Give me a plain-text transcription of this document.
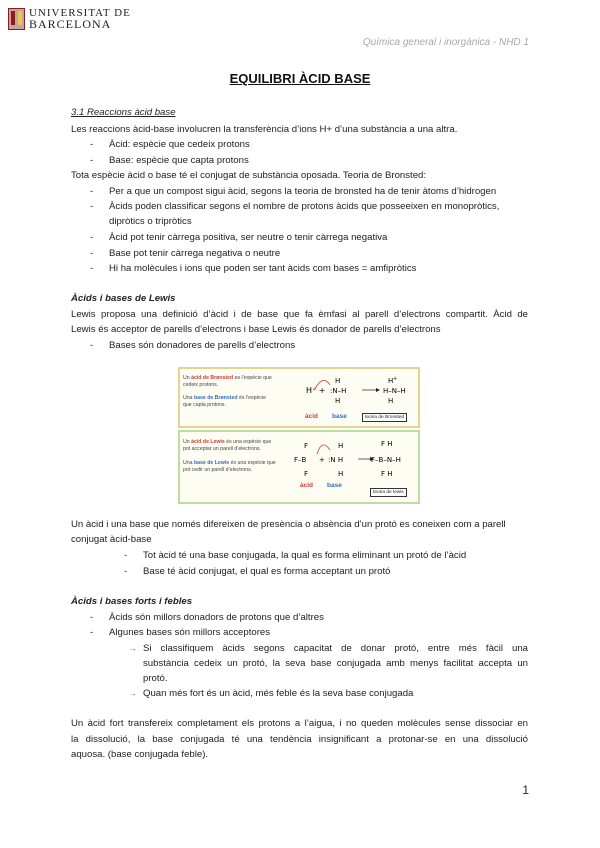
UNIVERSITAT DE
BARCELONA
Química general i inorgànica - NHD 1
EQUILIBRI ÀCID BASE
3.1 Reaccions àcid base
Les reaccions àcid-base involucren la transferència d’ions H+ d’una substància a una altra.
- Àcid: espècie que cedeix protons
- Base: espècie que capta protons
Tota espècie àcid o base té el conjugat de substància oposada. Teoria de Bronsted:
- Per a que un compost sigui àcid, segons la teoria de bronsted ha de tenir àtoms d’hidrogen
- Àcids poden classificar segons el nombre de protons àcids que posseeixen en monopròtics,
dipròtics o tripròtics
- Àcid pot tenir càrrega positiva, ser neutre o tenir càrrega negativa
- Base pot tenir càrrega negativa o neutre
- Hi ha molècules i ions que poden ser tant àcids com bases = amfipròtics
Àcids i bases de Lewis
Lewis proposa una definició d’àcid i de base que fa èmfasi al parell d’electrons compartit. Àcid de
Lewis és acceptor de parells d’electrons i base Lewis és donador de parells d’electrons
- Bases són donadores de parells d’electrons
Un àcid de Brønsted es l’espècie que
cedeix protons.
Una base de Brønsted és l’espècie
que capta protons.
H⁺ +
H
:N–H
H
H +
H–N–H
H
àcid base	teoria de Bronsted
Un àcid de Lewis és una espècie que
pot acceptar un parell d’electrons.
Una base de Lewis és una espècie que
pot cedir un parell d’electrons.
F
F–B
F
+
H
:N H
H
F H
F–B–N–H
F H
àcid base
teoria de lewis
Un àcid i una base que només difereixen de presència o absència d’un protó es coneixen com a parell
conjugat àcid-base
- Tot àcid té una base conjugada, la qual es forma eliminant un protó de l’àcid
- Base té àcid conjugat, el qual es forma acceptant un protó
Àcids i bases forts i febles
- Àcids són millors donadors de protons que d’altres
- Algunes bases són millors acceptores
→ Si classifiquem àcids segons capacitat de donar protó, entre més fàcil una
substància cedeix un protó, la seva base conjugada amb menys facilitat accepta un
protó.
→ Quan més fort és un àcid, més feble és la seva base conjugada
Un àcid fort transfereix completament els protons a l’aigua, i no queden molècules sense dissociar en
la dissolució, la base conjugada té una tendència insignificant a protonar-se en una dissolució
aquosa. (base conjugada feble).
1
